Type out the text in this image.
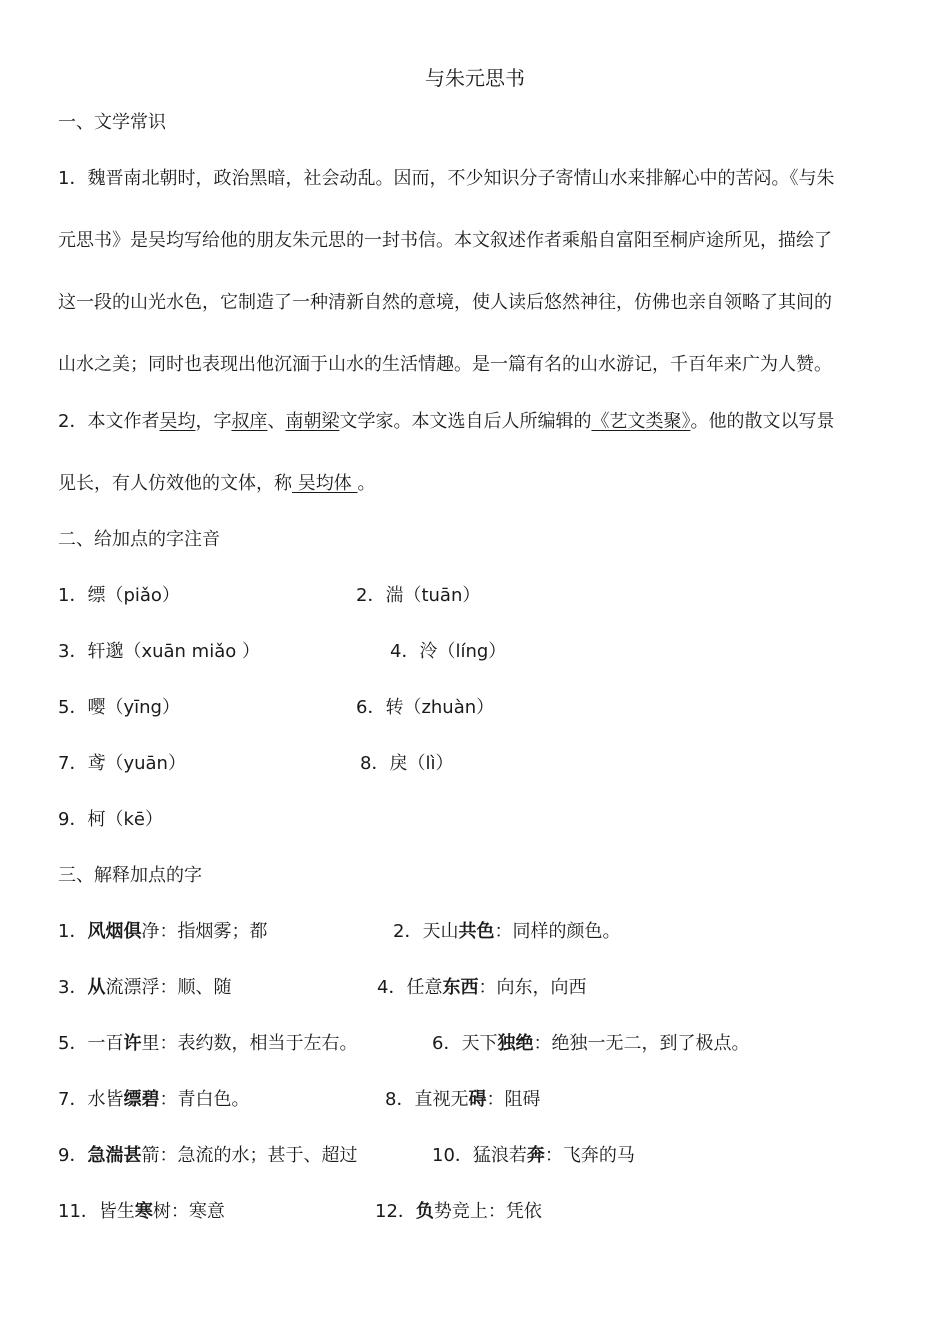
与朱元思书
一、文学常识
1．魏晋南北朝时，政治黑暗，社会动乱。因而，不少知识分子寄情山水来排解心中的苦闷。《与朱
元思书》是吴均写给他的朋友朱元思的一封书信。本文叙述作者乘船自富阳至桐庐途所见，描绘了
这一段的山光水色，它制造了一种清新自然的意境，使人读后悠然神往，仿佛也亲自领略了其间的
山水之美；同时也表现出他沉湎于山水的生活情趣。是一篇有名的山水游记，千百年来广为人赞。
2．本文作者吴均，字叔庠、南朝梁文学家。本文选自后人所编辑的《艺文类聚》。他的散文以写景
见长，有人仿效他的文体，称 吴均体 。
二、给加点的字注音
1．缥（piǎo）	2．湍（tuān）
3．轩邈（xuān miǎo ）	4．泠（líng）
5．嘤（yīng）	6．转（zhuàn）
7．鸢（yuān）	8．戾（lì）
9．柯（kē）
三、解释加点的字
1．风烟俱净：指烟雾；都	2．天山共色：同样的颜色。
3．从流漂浮：顺、随	4．任意东西：向东，向西
5．一百许里：表约数，相当于左右。	6．天下独绝：绝独一无二，到了极点。
7．水皆缥碧：青白色。	8．直视无碍：阻碍
9．急湍甚箭：急流的水；甚于、超过	10．猛浪若奔：飞奔的马
11．皆生寒树：寒意	12．负势竞上：凭依
